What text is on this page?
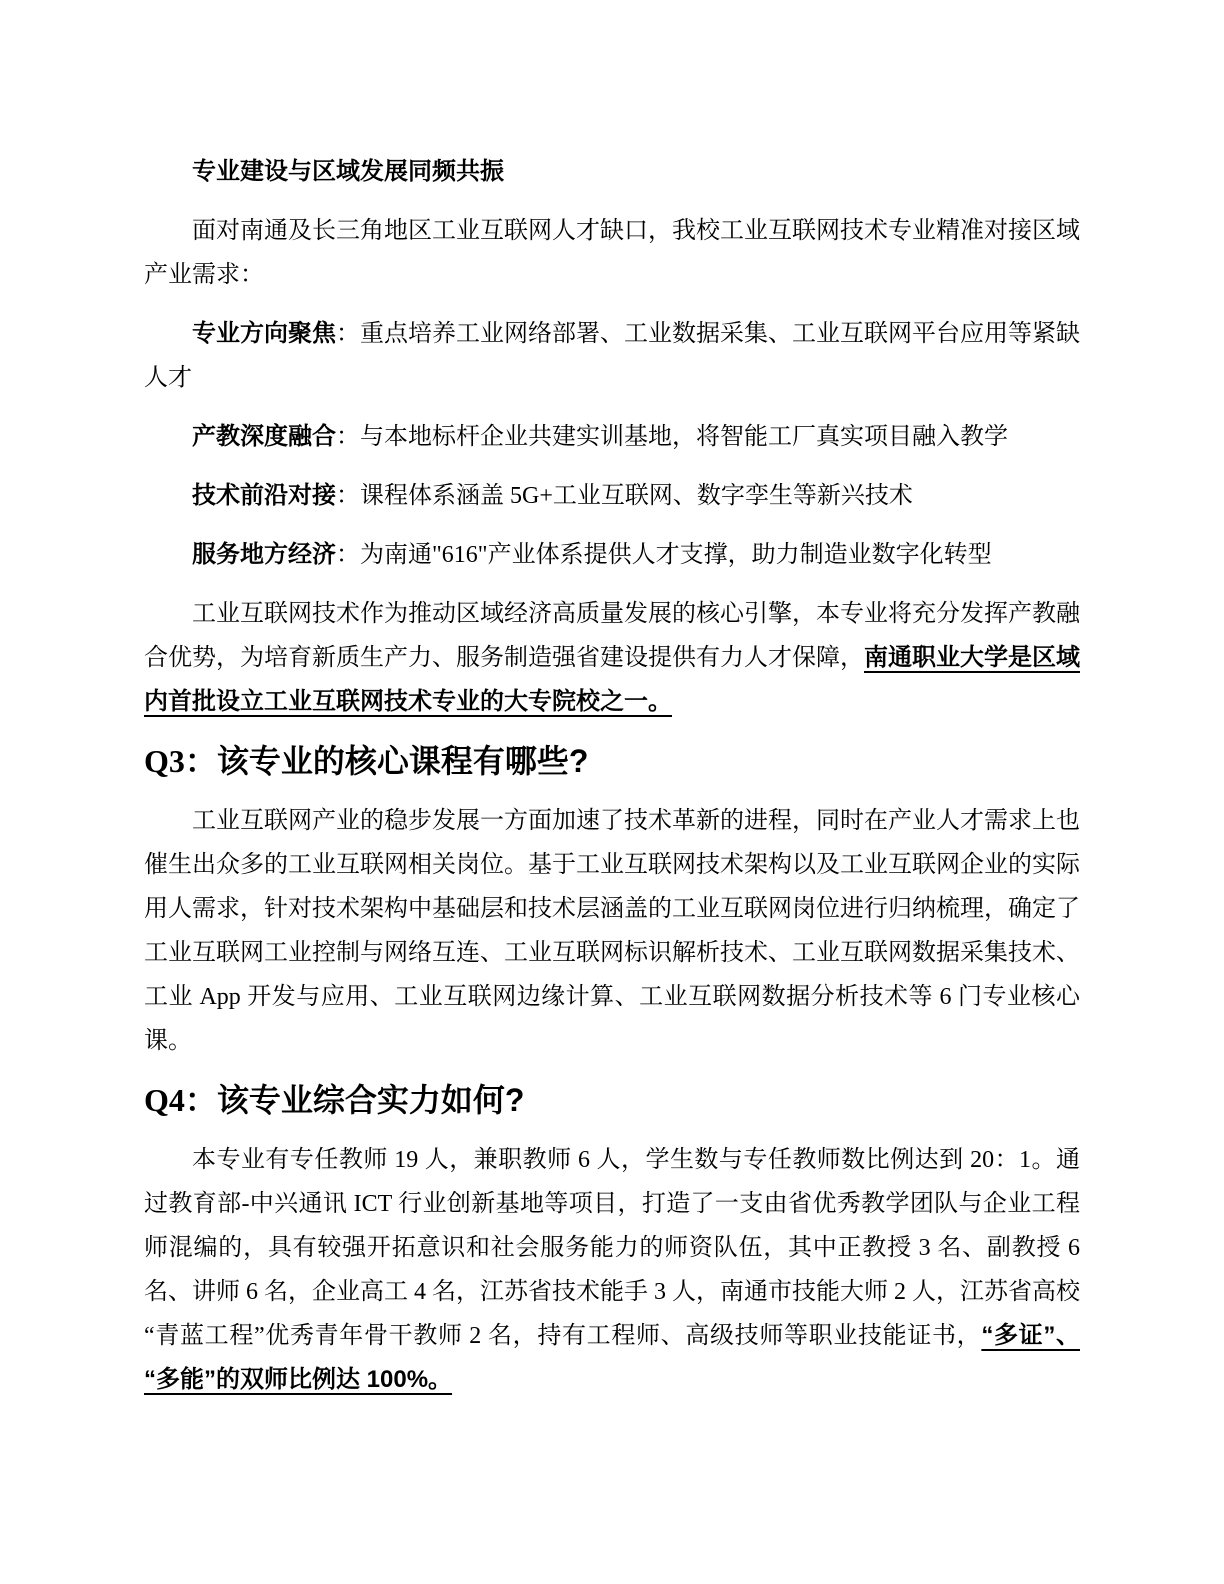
专业建设与区域发展同频共振

面对南通及长三角地区工业互联网人才缺口，我校工业互联网技术专业精准对接区域产业需求：

专业方向聚焦：重点培养工业网络部署、工业数据采集、工业互联网平台应用等紧缺人才

产教深度融合：与本地标杆企业共建实训基地，将智能工厂真实项目融入教学

技术前沿对接：课程体系涵盖 5G+工业互联网、数字孪生等新兴技术

服务地方经济：为南通"616"产业体系提供人才支撑，助力制造业数字化转型

工业互联网技术作为推动区域经济高质量发展的核心引擎，本专业将充分发挥产教融合优势，为培育新质生产力、服务制造强省建设提供有力人才保障，南通职业大学是区域内首批设立工业互联网技术专业的大专院校之一。

Q3：该专业的核心课程有哪些?

工业互联网产业的稳步发展一方面加速了技术革新的进程，同时在产业人才需求上也催生出众多的工业互联网相关岗位。基于工业互联网技术架构以及工业互联网企业的实际用人需求，针对技术架构中基础层和技术层涵盖的工业互联网岗位进行归纳梳理，确定了工业互联网工业控制与网络互连、工业互联网标识解析技术、工业互联网数据采集技术、工业 App 开发与应用、工业互联网边缘计算、工业互联网数据分析技术等 6 门专业核心课。

Q4：该专业综合实力如何?

本专业有专任教师 19 人，兼职教师 6 人，学生数与专任教师数比例达到 20：1。通过教育部-中兴通讯 ICT 行业创新基地等项目，打造了一支由省优秀教学团队与企业工程师混编的，具有较强开拓意识和社会服务能力的师资队伍，其中正教授 3 名、副教授 6 名、讲师 6 名，企业高工 4 名，江苏省技术能手 3 人，南通市技能大师 2 人，江苏省高校“青蓝工程”优秀青年骨干教师 2 名，持有工程师、高级技师等职业技能证书，“多证”、“多能”的双师比例达 100%。
